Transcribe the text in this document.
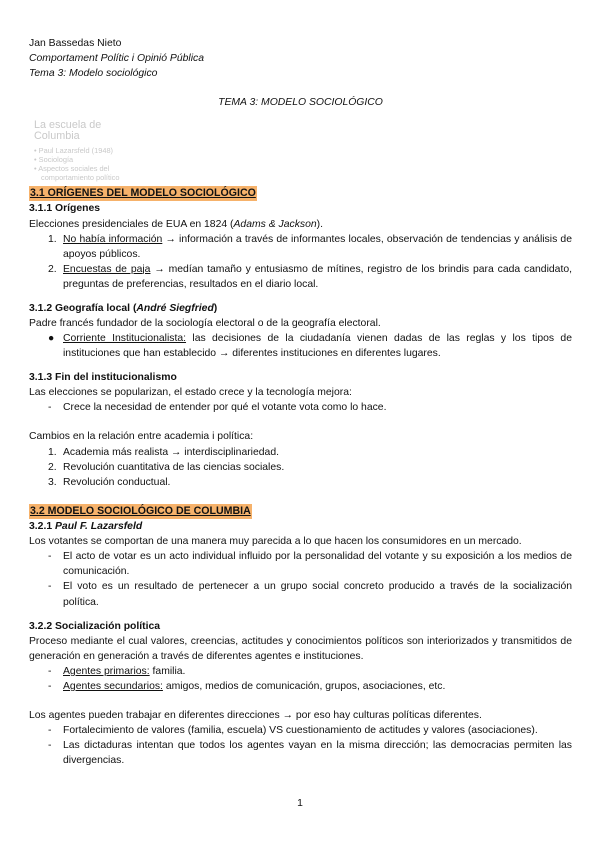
Jan Bassedas Nieto
Comportament Polític i Opinió Pública
Tema 3: Modelo sociológico
TEMA 3: MODELO SOCIOLÓGICO
La escuela de Columbia
• Paul Lazarsfeld (1948)
• Sociología
• Aspectos sociales del
comportamiento político
3.1 ORÍGENES DEL MODELO SOCIOLÓGICO
3.1.1 Orígenes

Elecciones presidenciales de EUA en 1824 (Adams & Jackson).

1. No había información → información a través de informantes locales, observación de tendencias y análisis de apoyos públicos.
2. Encuestas de paja → medían tamaño y entusiasmo de mítines, registro de los brindis para cada candidato, preguntas de preferencias, resultados en el diario local.
3.1.2 Geografía local (André Siegfried)

Padre francés fundador de la sociología electoral o de la geografía electoral.

● Corriente Institucionalista: las decisiones de la ciudadanía vienen dadas de las reglas y los tipos de instituciones que han establecido → diferentes instituciones en diferentes lugares.
3.1.3 Fin del institucionalismo

Las elecciones se popularizan, el estado crece y la tecnología mejora:

- Crece la necesidad de entender por qué el votante vota como lo hace.

Cambios en la relación entre academia i política:

1. Academia más realista → interdisciplinariedad.
2. Revolución cuantitativa de las ciencias sociales.
3. Revolución conductual.
3.2 MODELO SOCIOLÓGICO DE COLUMBIA
3.2.1 Paul F. Lazarsfeld

Los votantes se comportan de una manera muy parecida a lo que hacen los consumidores en un mercado.

- El acto de votar es un acto individual influido por la personalidad del votante y su exposición a los medios de comunicación.
- El voto es un resultado de pertenecer a un grupo social concreto producido a través de la socialización política.
3.2.2 Socialización política

Proceso mediante el cual valores, creencias, actitudes y conocimientos políticos son interiorizados y transmitidos de generación en generación a través de diferentes agentes e instituciones.

- Agentes primarios: familia.
- Agentes secundarios: amigos, medios de comunicación, grupos, asociaciones, etc.

Los agentes pueden trabajar en diferentes direcciones → por eso hay culturas políticas diferentes.

- Fortalecimiento de valores (familia, escuela) VS cuestionamiento de actitudes y valores (asociaciones).
- Las dictaduras intentan que todos los agentes vayan en la misma dirección; las democracias permiten las divergencias.
1
